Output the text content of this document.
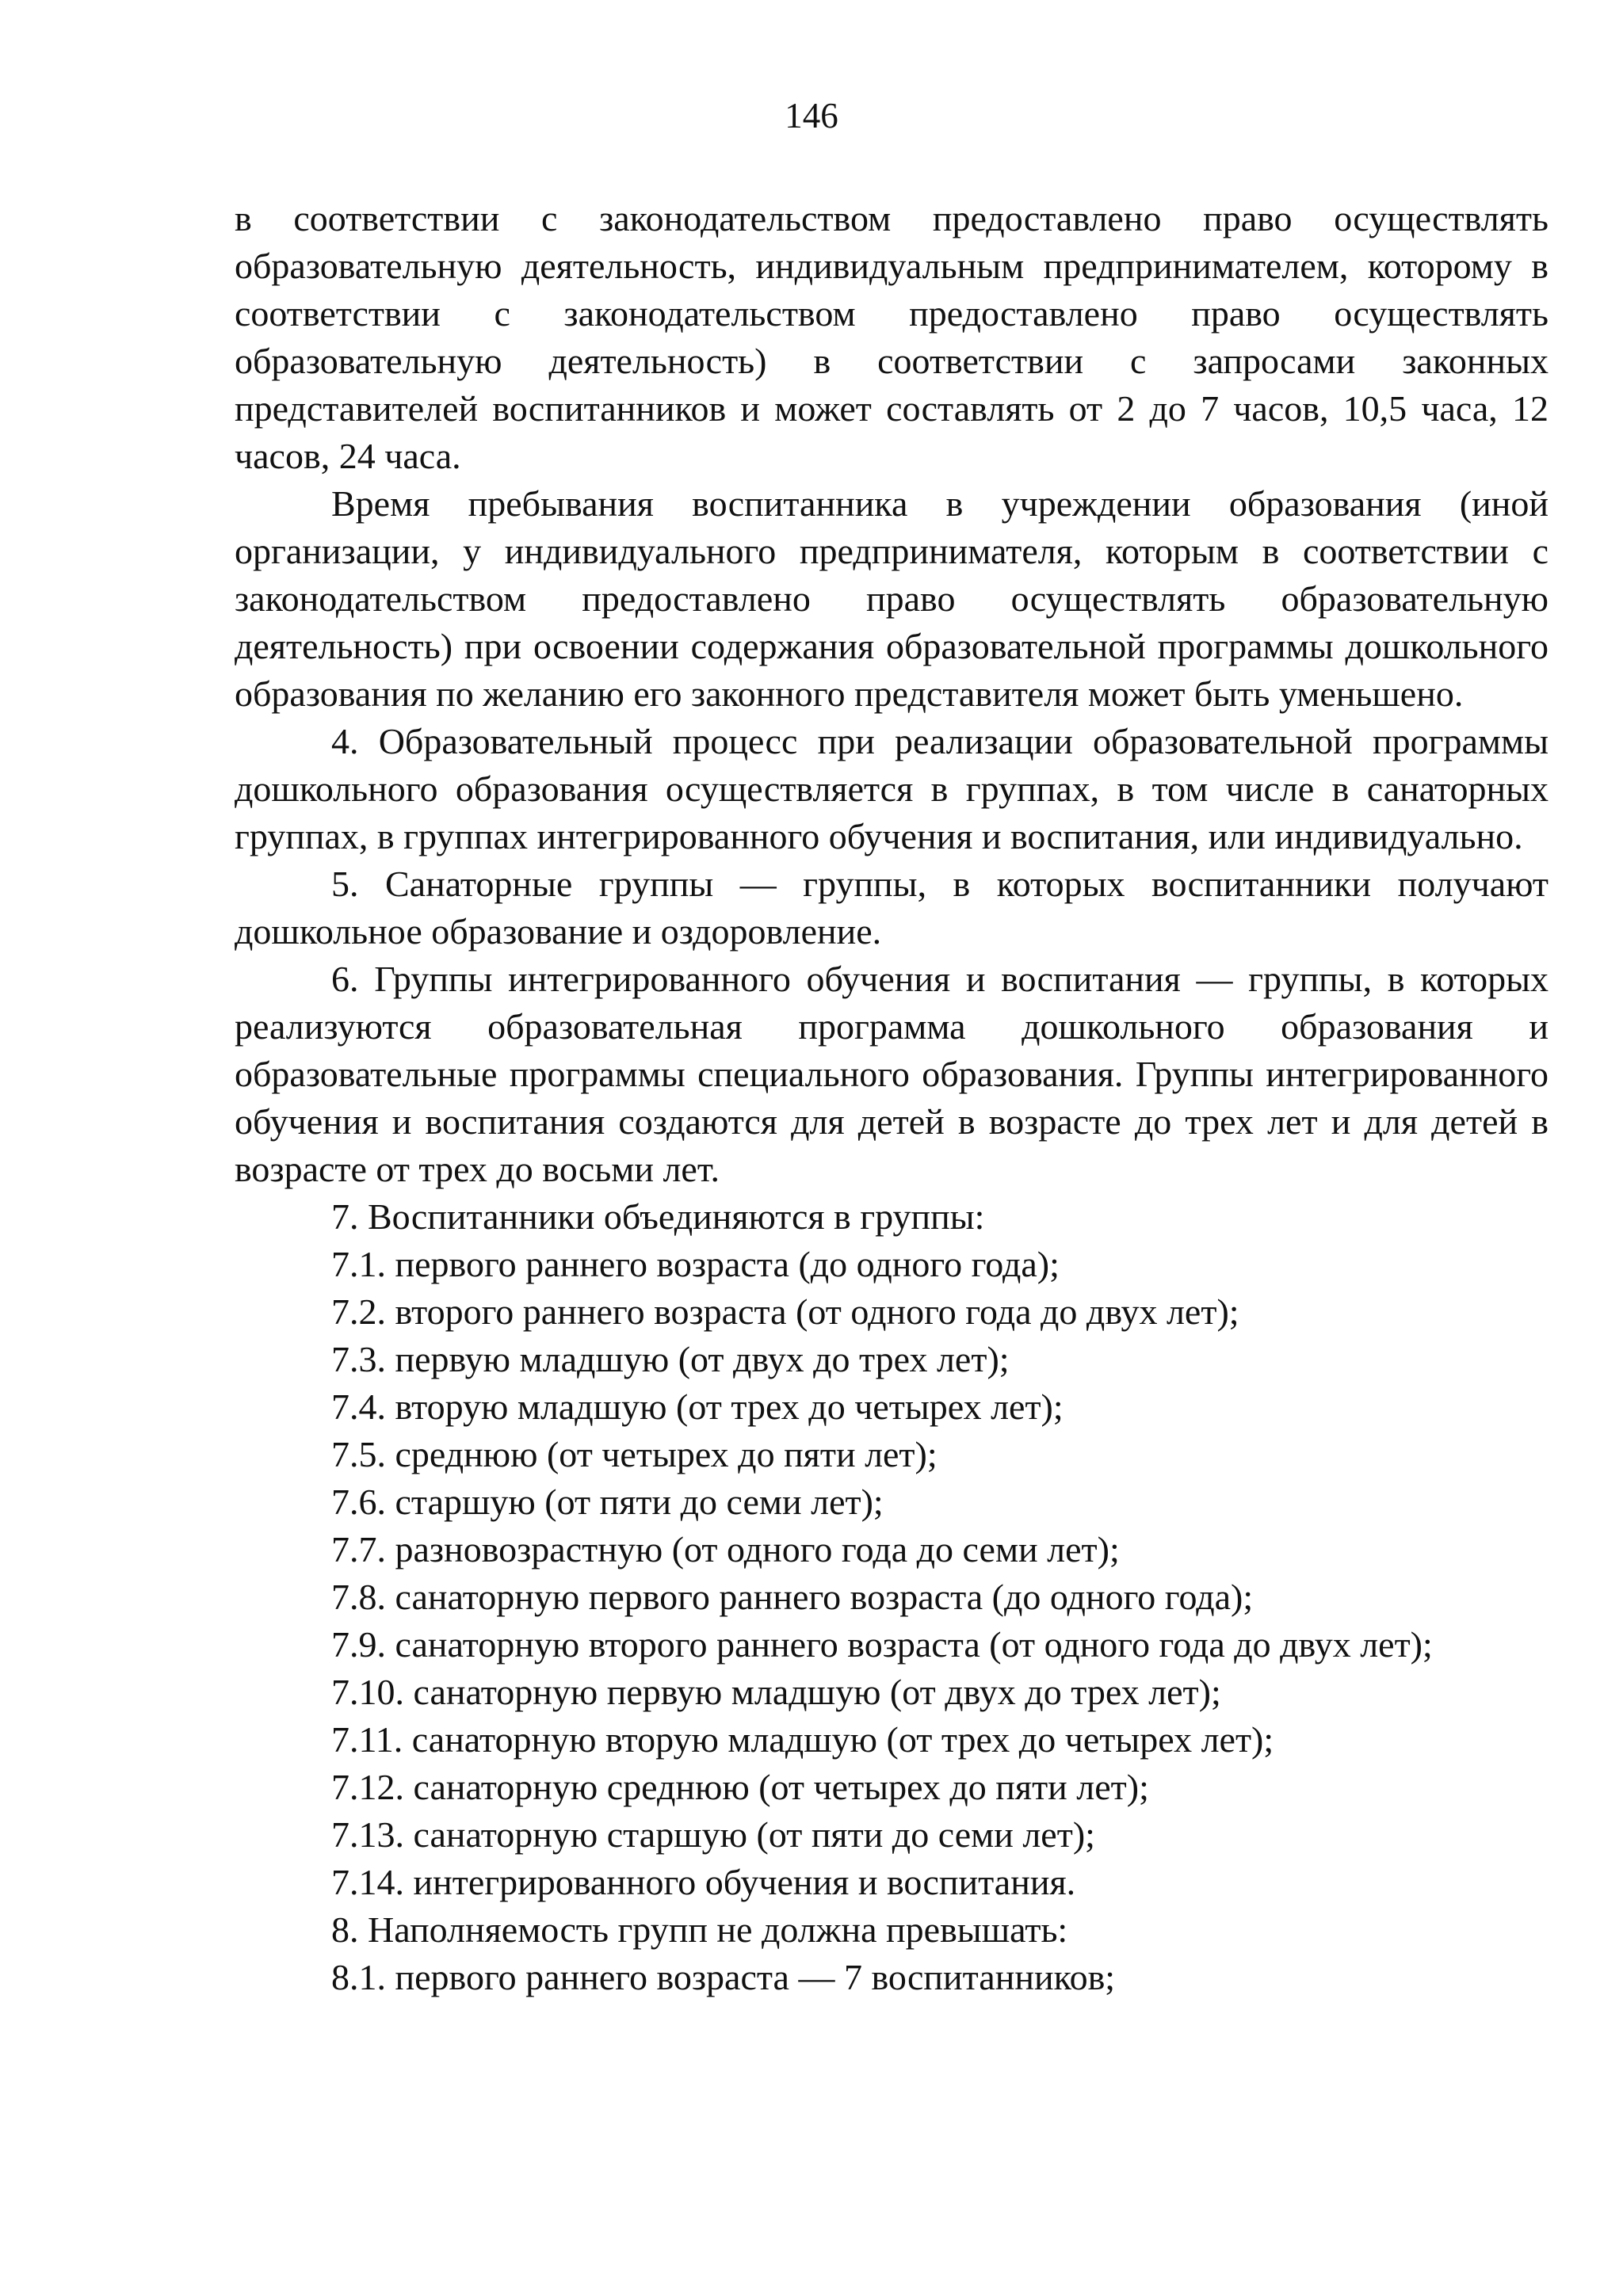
146

в соответствии с законодательством предоставлено право осуществлять образовательную деятельность, индивидуальным предпринимателем, которому в соответствии с законодательством предоставлено право осуществлять образовательную деятельность) в соответствии с запросами законных представителей воспитанников и может составлять от 2 до 7 часов, 10,5 часа, 12 часов, 24 часа.

Время пребывания воспитанника в учреждении образования (иной организации, у индивидуального предпринимателя, которым в соответствии с законодательством предоставлено право осуществлять образовательную деятельность) при освоении содержания образовательной программы дошкольного образования по желанию его законного представителя может быть уменьшено.

4. Образовательный процесс при реализации образовательной программы дошкольного образования осуществляется в группах, в том числе в санаторных группах, в группах интегрированного обучения и воспитания, или индивидуально.

5. Санаторные группы — группы, в которых воспитанники получают дошкольное образование и оздоровление.

6. Группы интегрированного обучения и воспитания — группы, в которых реализуются образовательная программа дошкольного образования и образовательные программы специального образования. Группы интегрированного обучения и воспитания создаются для детей в возрасте до трех лет и для детей в возрасте от трех до восьми лет.

7. Воспитанники объединяются в группы:

7.1. первого раннего возраста (до одного года);

7.2. второго раннего возраста (от одного года до двух лет);

7.3. первую младшую (от двух до трех лет);

7.4. вторую младшую (от трех до четырех лет);

7.5. среднюю (от четырех до пяти лет);

7.6. старшую (от пяти до семи лет);

7.7. разновозрастную (от одного года до семи лет);

7.8. санаторную первого раннего возраста (до одного года);

7.9. санаторную второго раннего возраста (от одного года до двух лет);

7.10. санаторную первую младшую (от двух до трех лет);

7.11. санаторную вторую младшую (от трех до четырех лет);

7.12. санаторную среднюю (от четырех до пяти лет);

7.13. санаторную старшую (от пяти до семи лет);

7.14. интегрированного обучения и воспитания.

8. Наполняемость групп не должна превышать:

8.1. первого раннего возраста — 7 воспитанников;
